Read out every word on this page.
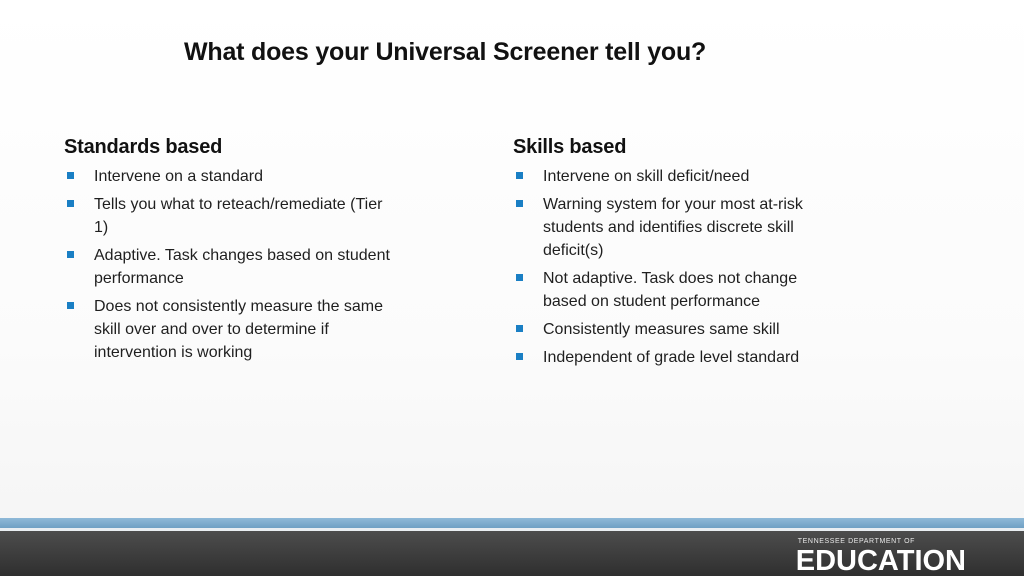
What does your Universal Screener tell you?
Standards based
Intervene on a standard
Tells you what to reteach/remediate (Tier 1)
Adaptive. Task changes based on student performance
Does not consistently measure the same skill over and over to determine if intervention is working
Skills based
Intervene on skill deficit/need
Warning system for your most at-risk students and identifies discrete skill deficit(s)
Not adaptive. Task does not change based on student performance
Consistently measures same skill
Independent of grade level standard
TENNESSEE DEPARTMENT OF
EDUCATION
